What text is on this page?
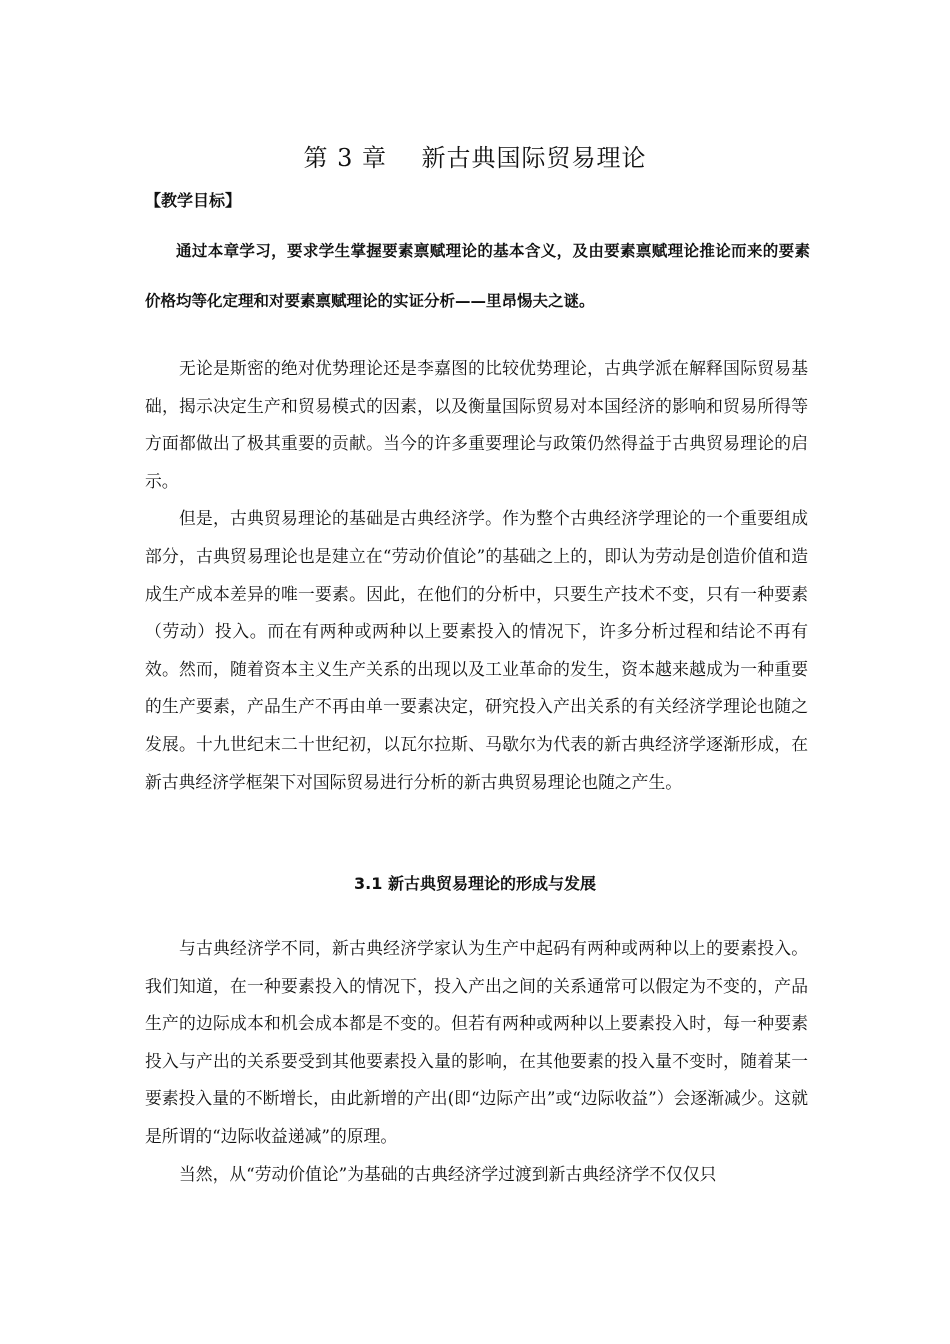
第 3 章    新古典国际贸易理论
【教学目标】

通过本章学习，要求学生掌握要素禀赋理论的基本含义，及由要素禀赋理论推论而来的要素价格均等化定理和对要素禀赋理论的实证分析——里昂惕夫之谜。

无论是斯密的绝对优势理论还是李嘉图的比较优势理论，古典学派在解释国际贸易基础，揭示决定生产和贸易模式的因素，以及衡量国际贸易对本国经济的影响和贸易所得等方面都做出了极其重要的贡献。当今的许多重要理论与政策仍然得益于古典贸易理论的启示。

但是，古典贸易理论的基础是古典经济学。作为整个古典经济学理论的一个重要组成部分，古典贸易理论也是建立在“劳动价值论”的基础之上的，即认为劳动是创造价值和造成生产成本差异的唯一要素。因此，在他们的分析中，只要生产技术不变，只有一种要素（劳动）投入。而在有两种或两种以上要素投入的情况下，许多分析过程和结论不再有效。然而，随着资本主义生产关系的出现以及工业革命的发生，资本越来越成为一种重要的生产要素，产品生产不再由单一要素决定，研究投入产出关系的有关经济学理论也随之发展。十九世纪末二十世纪初，以瓦尔拉斯、马歇尔为代表的新古典经济学逐渐形成，在新古典经济学框架下对国际贸易进行分析的新古典贸易理论也随之产生。

3.1 新古典贸易理论的形成与发展

与古典经济学不同，新古典经济学家认为生产中起码有两种或两种以上的要素投入。我们知道，在一种要素投入的情况下，投入产出之间的关系通常可以假定为不变的，产品生产的边际成本和机会成本都是不变的。但若有两种或两种以上要素投入时，每一种要素投入与产出的关系要受到其他要素投入量的影响，在其他要素的投入量不变时，随着某一要素投入量的不断增长，由此新增的产出(即“边际产出”或“边际收益”）会逐渐减少。这就是所谓的“边际收益递减”的原理。

当然，从“劳动价值论”为基础的古典经济学过渡到新古典经济学不仅仅只
